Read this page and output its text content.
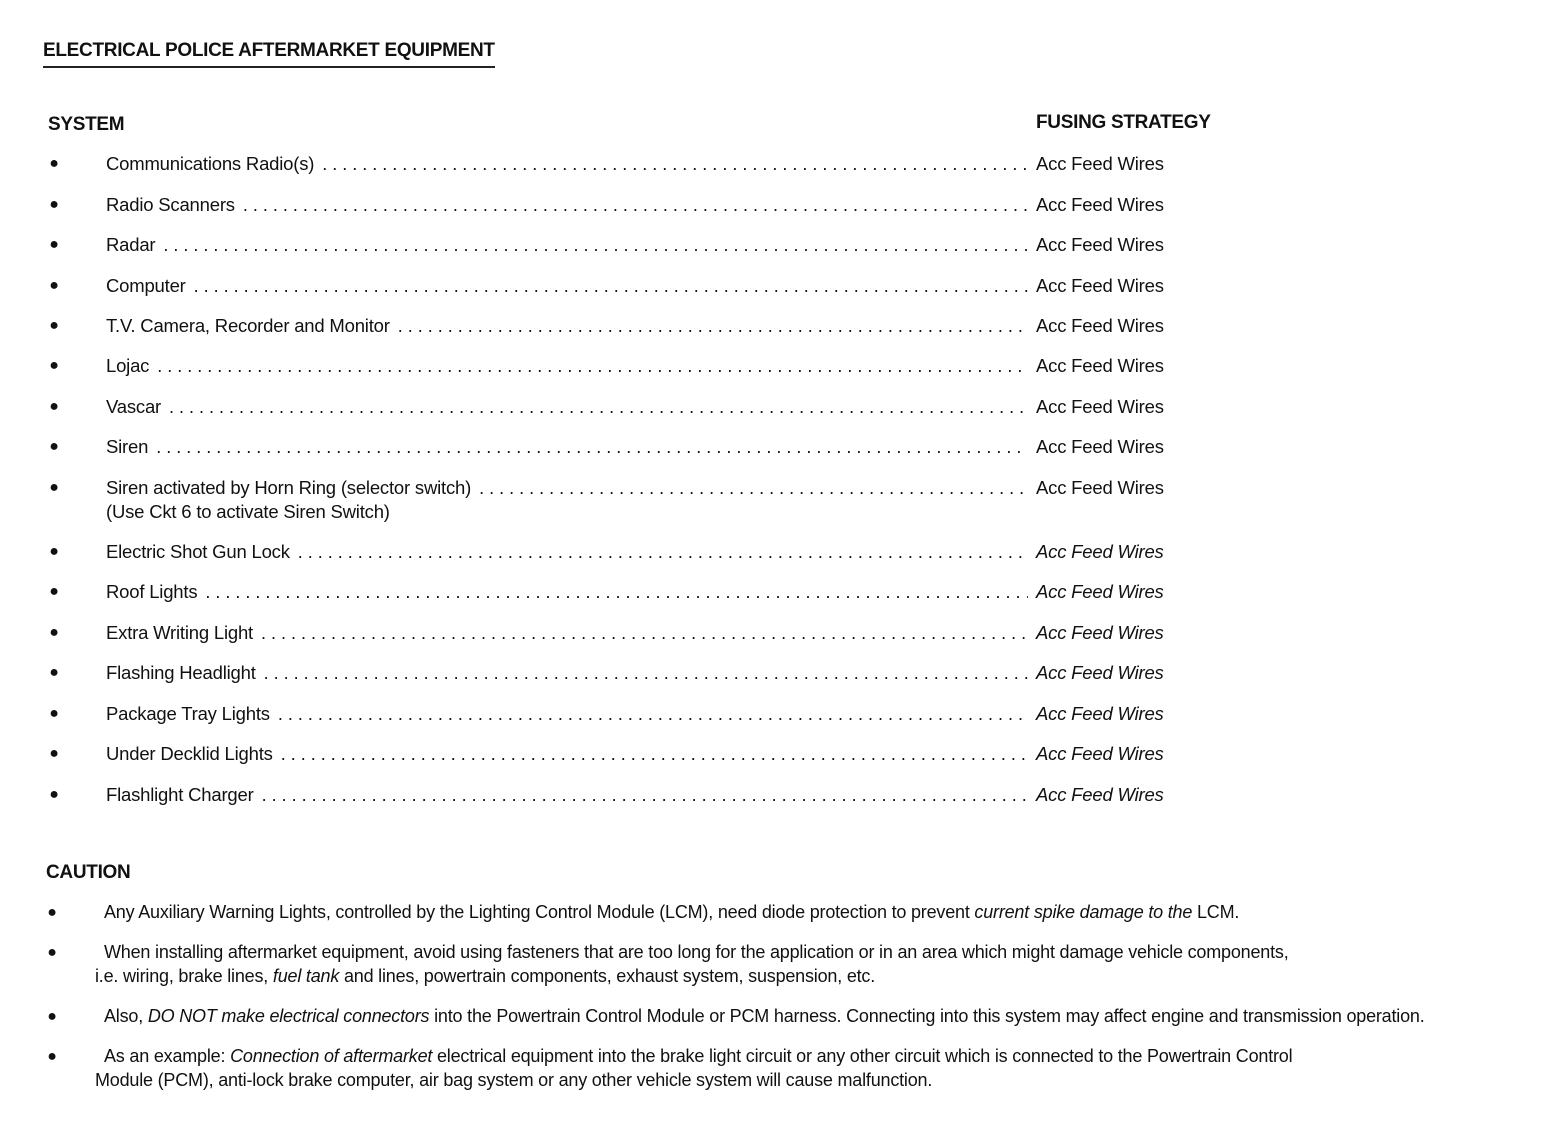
ELECTRICAL POLICE AFTERMARKET EQUIPMENT
SYSTEM	FUSING STRATEGY
●	Communications Radio(s) . . .	Acc Feed Wires
●	Radio Scanners . . .	Acc Feed Wires
●	Radar . . .	Acc Feed Wires
●	Computer . . .	Acc Feed Wires
●	T.V. Camera, Recorder and Monitor . . .	Acc Feed Wires
●	Lojac . . .	Acc Feed Wires
●	Vascar . . .	Acc Feed Wires
●	Siren . . .	Acc Feed Wires
●	Siren activated by Horn Ring (selector switch) . . .	Acc Feed Wires
(Use Ckt 6 to activate Siren Switch)
●	Electric Shot Gun Lock . . .	Acc Feed Wires
●	Roof Lights . . .	Acc Feed Wires
●	Extra Writing Light . . .	Acc Feed Wires
●	Flashing Headlight . . .	Acc Feed Wires
●	Package Tray Lights . . .	Acc Feed Wires
●	Under Decklid Lights . . .	Acc Feed Wires
●	Flashlight Charger . . .	Acc Feed Wires
CAUTION
●	Any Auxiliary Warning Lights, controlled by the Lighting Control Module (LCM), need diode protection to prevent current spike damage to the LCM.
●	When installing aftermarket equipment, avoid using fasteners that are too long for the application or in an area which might damage vehicle components,
i.e. wiring, brake lines, fuel tank and lines, powertrain components, exhaust system, suspension, etc.
●	Also, DO NOT make electrical connectors into the Powertrain Control Module or PCM harness. Connecting into this system may affect engine and transmission operation.
●	As an example: Connection of aftermarket electrical equipment into the brake light circuit or any other circuit which is connected to the Powertrain Control
Module (PCM), anti-lock brake computer, air bag system or any other vehicle system will cause malfunction.
